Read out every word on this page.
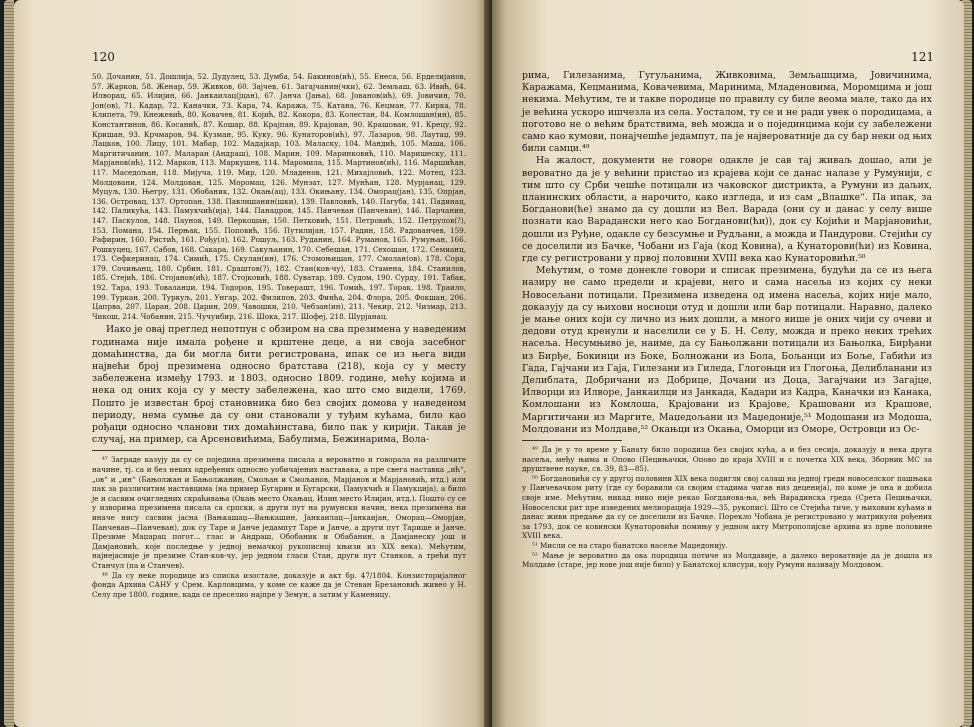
120

50. Дочанин, 51. Дошлија, 52. Дудулец, 53. Думба, 54. Бакинов(ић), 55. Енеса, 56. Ерделијанов, 57. Жарков, 58. Женар, 59. Живков, 60. Зајчев, 61. Загајчанин(чки), 62. Земљаш, 63. Ивић, 64. Илворац, 65. Илијин, 66. Јанкаилац(јцан), 67. Јанча (Јања), 68. Јованов(ић), 69. Јовичин, 70. Јон(ов), 71. Кадар, 72. Каначки, 73. Кара, 74. Каража, 75. Катана, 76. Кецман, 77. Кирка, 78. Клипета, 79. Кнежевић, 80. Ковачев, 81. Којић, 82. Кокора, 83. Колестан, 84. Комлошан(ин), 85. Константинов, 86. Косанић, 87. Кошар, 88. Крајпан, 89. Крајован, 90. Крашован, 91. Крецу, 92. Кришан, 93. Крчмаров, 94. Кузман, 95. Куку, 96. Кунаторов(ић), 97. Лазаров, 98. Лаутаџ, 99. Лацков, 100. Лицу, 101. Мабар, 102. Мадајкар, 103. Маласку, 104. Мандић, 105. Маша, 106. Маргитичанин, 107. Маларан (Андраш), 108. Марин, 109. Маринковић, 110. Маришеску, 111. Марјанов(ић), 112. Марков, 113. Маркушев, 114. Маромила, 115. Мартинов(ић), 116. Маршићан, 117. Маседољан, 118. Мијуча, 119. Мир, 120. Младенов, 121. Михајловић, 122. Мотец, 123. Молдовани, 124. Молдован, 125. Моромац, 126. Мунзат, 127. Мунћан, 128. Мурјанац, 129. Муцуљ, 130. Његру, 131. Обобаник, 132. Окањ(ац), 133. Окињану, 134. Оморац(јан), 135. Опрјан, 136. Островац, 137. Ортопан, 138. Павлишанин(шки), 139. Павловић, 140. Пагуба, 141. Падинац, 142. Паликућа, 143. Памукчић(ија), 144. Панаџров, 145. Панчеван (Панчеван), 146. Парчанин, 147. Паскулов, 148. Паунов, 149. Перкошан, 150. Петковић, 151. Петровић, 152. Петрулов(?), 153. Помана, 154. Перњак, 155. Поповић, 156. Путилијан, 157. Радин, 158. Радованчев, 159. Рафирин, 160. Ристић, 161. Рођу(л), 162. Рошуљ, 163. Руданин, 164. Руманов, 165. Румуњан, 166. Рошкуцец, 167. Сабов, 168. Сакара, 169. Сакуљанин, 170. Себешан, 171. Сехошан, 172. Семианц, 173. Сефкеринац, 174. Симић, 175. Скулан(ин), 176. Стомоњишан, 177. Смолан(ов), 178. Сора, 179. Сочињанц, 180. Србин, 181. Сраштов(?), 182. Стан(ков-чу), 183. Стамена, 184. Станилов, 185. Стејић, 186. Стојанов(ић), 187. Стојковић, 188. Суватар, 189. Судом, 190. Сурду, 191. Табак, 192. Тара, 193. Товаланџи, 194. Тодоров, 195. Товерашт, 196. Томић, 197. Торак, 198. Траило, 199. Туркан, 200. Туркуљ, 201. Унгар, 202. Филипов, 203. Финћа, 204. Флора, 205. Фокшан, 206. Цапрва, 207. Царан, 208. Царин, 209. Чавошки, 210. Чебзан(ин), 211. Чекир, 212. Чизмар, 213. Чикош, 214. Чобанин, 215. Чучуибир, 216. Шока, 217. Шофеј, 218. Шурјанац.

Иако је овај преглед непотпун с обзиром на сва презимена у наведеним годинама није имала рођене и крштене деце, а ни своја засебног домаћинства, да би могла бити регистрована, ипак се из њега види највећи број презимена односно братстава (218), која су у месту забележена између 1793. и 1803. односно 1809. године, мећу којима и нека од оних која су у месту забележена, као што смо видели, 1769. Пошто је известан број становника био без својих домова у наведеном периоду, нема сумње да су они становали у туђим кућама, било као рођаци односно чланови тих домаћинстава, било пак у кирији. Такав је случај, на пример, са Арсеновићима, Бабулима, Бежинарима, Вола-

⁴⁷ Заграде казују да су се поједина презимена писала а вероватно и говорала на различите начине, тј. са и без неких одређених односно уобичајених наставака, а пре свега наставка „ић“, „ов“ и „ин“ (Бањолжан и Бањолжанин, Смољан и Смољанов, Марјанов и Марјановић, итд.) или пак за различитим наставцима (на пример Бугарин и Бугарски, Памукчић и Памукција), а било је и сасвим очигледних скраћивања (Окањ место Окањац, Илин место Илијин, итд.). Пошто су се у изворима презимена писала са српски, а други пут на румунски начин, нека презимена ни иначе нису сасвим јасна (Вањкашаџ—Вањкашин, Јанкаилац—Јанкаијан, Оморац—Оморјан, Панчеван—Панчеван), док су Таре и Јанче једампут Таре и Јанче, а други пут Тарише и Јанче. Презиме Маџарац погот... глас и Андраш, Обобаник и Обабанин, а Дамјанеску још и Дамјановић, које последње у једној немачкој рукописној књизи из XIX века). Мећутим, најнејасније је презиме Стан-ков-чу, јер једном гласи Стан, други пут Станков, а трећи пут Станчул (па и Станчев).

⁴⁸ Да су неке породице из списка изостале, доказује и акт бр. 47/1804. Конзисторијалног фонда Архива САНУ у Срем. Карловцима, у коме се каже да је Стеван Брезановић живео у Н. Селу пре 1800. године, када се преселио најпре у Земун, а затим у Каменицу.

121

рима, Гилезанима, Гугуљанима, Живковима, Земљашцима, Јовичинима, Каражама, Кецманима, Ковачевима, Маринима, Младеновима, Моромцима и још некима. Мећутим, те и такве породице по правилу су биле веома мале, тако да их је већина ускоро ишчезла из села. Уосталом, ту се и не ради увек о породицама, а поготово не о већим братствима, већ можда и о појединцима који су забележени само као кумови, понајчешће једампут, па је највероватније да су бар неки од њих били самци.⁴⁹

На жалост, документи не говоре одакле је сав тај живаљ дошао, али је вероватно да је у већини пристао из крајева који се данас налазе у Румунији, с тим што су Срби чешће потицали из чаковског дистрикта, а Румуни из даљих, планинских области, а нарочито, како изгледа, и из сам „Влашке“. Па ипак, за Богданови(ће) знамо да су дошли из Вел. Варада (они су и данас у селу више познати као Варадански него као Богданови(ћи)), док су Којићи и Марјановићи, дошли из Руђне, одакле су безсумње и Рудљани, а можда и Пандурови. Стејићи су се доселили из Бачке, Чобани из Гаја (код Ковина), а Кунаторови(ћи) из Ковина, где су регистровани у првој половини XVIII века као Кунаторовићи.⁵⁰

Мећутим, о томе донекле говори и списак презимена, будући да се из њега назиру не само предели и крајеви, него и сама насеља из којих су неки Новосељани потицали. Презимена изведена од имена насеља, којих није мало, доказују да су њихови носиоци отуд и дошли или бар потицали. Наравно, далеко је мање оних који су лично из њих дошли, а много више је оних чији су очеви и дедови отуд кренули и населили се у Б. Н. Селу, можда и преко неких трећих насеља. Несумњиво је, наиме, да су Бањолжани потицали из Бањолка, Бирђани из Бирђе, Бокинци из Боке, Болножани из Бола, Бољанци из Боље, Габићи из Гада, Гајчани из Гаја, Гилезани из Гиледа, Глогоњци из Глогоња, Делибланани из Делиблата, Добричани из Добрице, Дочани из Доца, Загајчани из Загајце, Илворци из Илворе, Јанкаилци из Јанкада, Кадари из Кадра, Каначки из Канака, Комлошани из Комлоша, Крајовани из Крајове, Крашовани из Крашове, Маргитичани из Маргите, Маџедољани из Маџедоније,⁵¹ Модошани из Модоша, Молдовани из Молдаве,⁵² Окањци из Окања, Оморци из Оморе, Островци из Ос-

⁴⁹ Да је у то време у Банату било породица без својих кућа, а и без сесија, доказују и нека друга насеља, међу њима и Опово (Пецињачки, Опово до краја XVIII и с почетка XIX века, Зборник МС за друштвене науке, св. 39, 83—85).

⁵⁰ Богдановићи су у другој половини XIX века подигли свој салаш на једној греди новоселског пашњака у Панчевачком риту (где су боравили са својим стадима чигав низ деценија), по коме је она и добила своје име. Мећутим, никад нико није рекао Богданова-ња, већ Варадинска греда (Срета Пецињачки, Новоселски рит пре изведених мелиорација 1929—35, рукопис). Што се Стејића тиче, у њиховим кућама и данас живи предање да су се доселили из Бачке. Порекло Чобана је регистровано у матрикули рођених за 1793, док се ковински Кунаторовићи помињу у једном акту Митрополијске архива из прве половине XVIII века.

⁵¹ Мисли се на старо банатско насеље Маџедонију.

⁵² Мање је вероватно да ова породица потиче из Молдавије, а далеко вероватније да је дошла из Молдаве (старе, јер нове још није било) у Банатској клисури, коју Румуни називају Молдовом.
